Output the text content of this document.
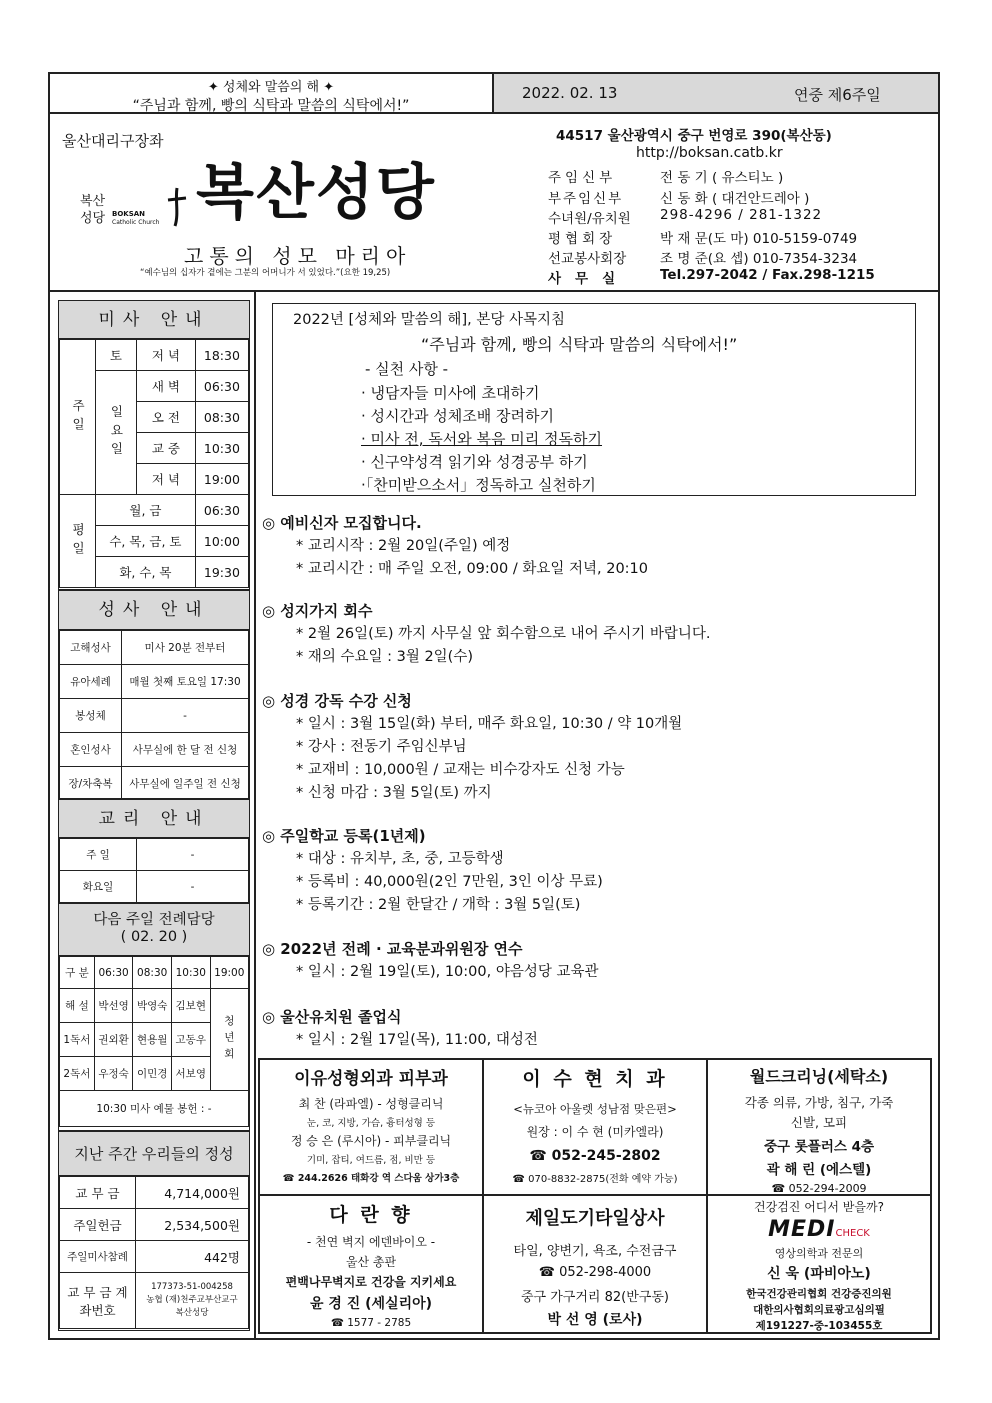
✦ 성체와 말씀의 해 ✦
“주님과 함께, 빵의 식탁과 말씀의 식탁에서!”
2022. 02. 13	연중 제6주일
울산대리구장좌
복산
성당 BOKSAN
Catholic Church 복산성당
고통의 성모 마리아
“예수님의 십자가 곁에는 그분의 어머니가 서 있었다.”(요한 19,25)
44517 울산광역시 중구 번영로 390(복산동)
http://boksan.catb.kr
주임신부	전 동 기 ( 유스티노 )
부주임신부	신 동 화 ( 대건안드레아 )
수녀원/유치원	298-4296 / 281-1322
평협회장	박 재 문(도 마) 010-5159-0749
선교봉사회장	조 명 준(요 셉) 010-7354-3234
사무실	Tel.297-2042 / Fax.298-1215
미사 안내
주일	토	저 녁	18:30
	일요일	새 벽	06:30
		오 전	08:30
		교 중	10:30
		저 녁	19:00
평일	월, 금		06:30
	수, 목, 금, 토		10:00
	화, 수, 목		19:30
성사 안내
고해성사	미사 20분 전부터
유아세례	매월 첫째 토요일 17:30
봉성체	-
혼인성사	사무실에 한 달 전 신청
장/차축복	사무실에 일주일 전 신청
교리 안내
주 일	-
화요일	-
다음 주일 전례담당
( 02. 20 )
구 분	06:30	08:30	10:30	19:00
해 설	박선영	박영숙	김보현	청년회
1독서	권외환	현용월	고동우	
2독서	우정숙	이민경	서보영	
10:30 미사 예물 봉헌 : -				
지난 주간 우리들의 정성
교 무 금	4,714,000원
주일헌금	2,534,500원
주일미사참례	442명
교 무 금 계좌번호	177373-51-004258
농협 (재)천주교부산교구
복산성당
2022년 [성체와 말씀의 해], 본당 사목지침
“주님과 함께, 빵의 식탁과 말씀의 식탁에서!”
- 실천 사항 -
· 냉담자들 미사에 초대하기
· 성시간과 성체조배 장려하기
· 미사 전, 독서와 복음 미리 정독하기
· 신구약성격 읽기와 성경공부 하기
·「찬미받으소서」정독하고 실천하기
◎ 예비신자 모집합니다.
* 교리시작 : 2월 20일(주일) 예정
* 교리시간 : 매 주일 오전, 09:00 / 화요일 저녁, 20:10
◎ 성지가지 회수
* 2월 26일(토) 까지 사무실 앞 회수함으로 내어 주시기 바랍니다.
* 재의 수요일 : 3월 2일(수)
◎ 성경 강독 수강 신청
* 일시 : 3월 15일(화) 부터, 매주 화요일, 10:30 / 약 10개월
* 강사 : 전동기 주임신부님
* 교재비 : 10,000원 / 교재는 비수강자도 신청 가능
* 신청 마감 : 3월 5일(토) 까지
◎ 주일학교 등록(1년제)
* 대상 : 유치부, 초, 중, 고등학생
* 등록비 : 40,000원(2인 7만원, 3인 이상 무료)
* 등록기간 : 2월 한달간 / 개학 : 3월 5일(토)
◎ 2022년 전례 · 교육분과위원장 연수
* 일시 : 2월 19일(토), 10:00, 야음성당 교육관
◎ 울산유치원 졸업식
* 일시 : 2월 17일(목), 11:00, 대성전
이유성형외과 피부과
최 찬 (라파엘) - 성형클리닉
눈, 코, 지방, 가슴, 흉터성형 등
정 승 은 (루시아) - 피부클리닉
기미, 잡티, 여드름, 점, 비만 등
☎ 244.2626 태화강 역 스다움 상가3층
이 수 현 치 과
<뉴코아 아울렛 성남점 맞은편>
원장 : 이 수 현 (미카엘라)
☎ 052-245-2802
☎ 070-8832-2875(전화 예약 가능)
월드크리닝(세탁소)
각종 의류, 가방, 침구, 가죽
신발, 모피
중구 롯플러스 4층
곽 해 린 (에스텔)
☎ 052-294-2009
다 란 향
- 천연 벽지 에덴바이오 -
울산 총판
편백나무벽지로 건강을 지키세요
윤 경 진 (세실리아)
☎ 1577 - 2785
제일도기타일상사
타일, 양변기, 욕조, 수전금구
☎ 052-298-4000
중구 가구거리 82(반구동)
박 선 영 (로사)
건강검진 어디서 받을까?
MEDICHECK
영상의학과 전문의
신 욱 (파비아노)
한국건강관리협회 건강증진의원
대한의사협회의료광고심의필
제191227-중-103455호
